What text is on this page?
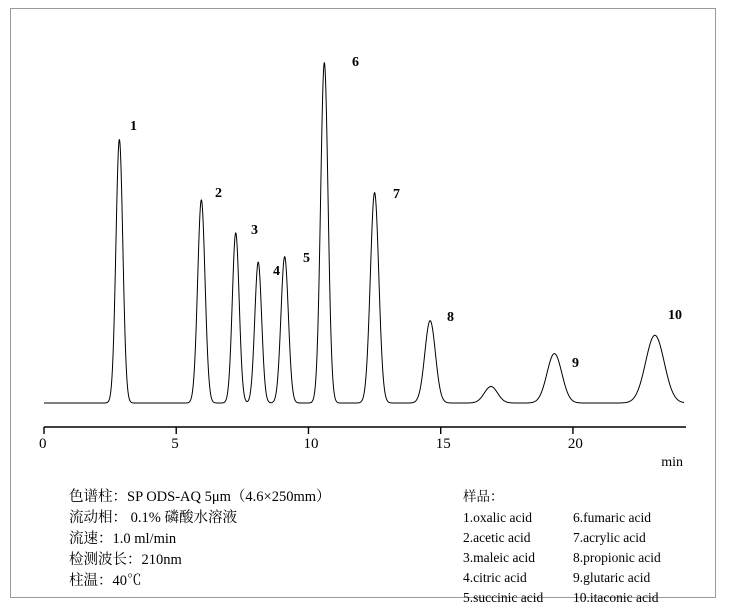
1
2
3
4
5
6
7
8
9
10
min
0	5	10	15	20
色谱柱：SP ODS-AQ 5μm（4.6×250mm）
流动相： 0.1% 磷酸水溶液
流速：1.0 ml/min
检测波长：210nm
柱温：40℃
样品：
1.oxalic acid	6.fumaric acid
2.acetic acid	7.acrylic acid
3.maleic acid	8.propionic acid
4.citric acid	9.glutaric acid
5.succinic acid	10.itaconic acid
